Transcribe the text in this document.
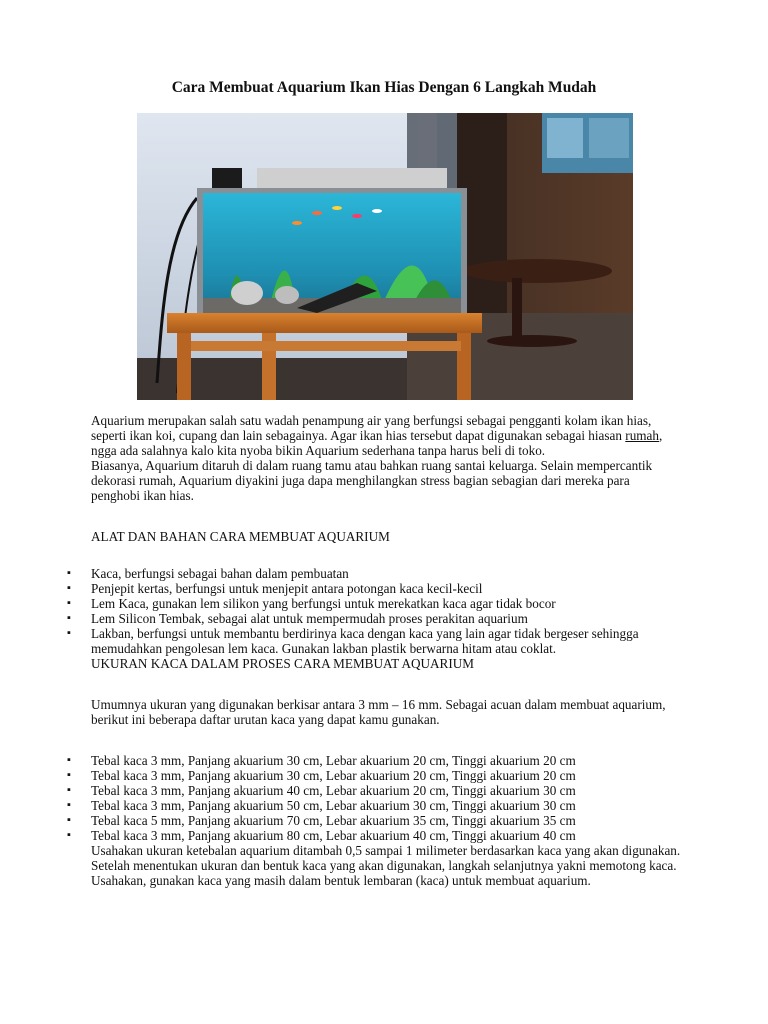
Cara Membuat Aquarium Ikan Hias Dengan 6 Langkah Mudah

Aquarium merupakan salah satu wadah penampung air yang berfungsi sebagai pengganti kolam ikan hias, seperti ikan koi, cupang dan lain sebagainya. Agar ikan hias tersebut dapat digunakan sebagai hiasan rumah, ngga ada salahnya kalo kita nyoba bikin Aquarium sederhana tanpa harus beli di toko.

Biasanya, Aquarium ditaruh di dalam ruang tamu atau bahkan ruang santai keluarga. Selain mempercantik dekorasi rumah, Aquarium diyakini juga dapa menghilangkan stress bagian sebagian dari mereka para penghobi ikan hias.

ALAT DAN BAHAN CARA MEMBUAT AQUARIUM

▪ Kaca, berfungsi sebagai bahan dalam pembuatan
▪ Penjepit kertas, berfungsi untuk menjepit antara potongan kaca kecil-kecil
▪ Lem Kaca, gunakan lem silikon yang berfungsi untuk merekatkan kaca agar tidak bocor
▪ Lem Silicon Tembak, sebagai alat untuk mempermudah proses perakitan aquarium
▪ Lakban, berfungsi untuk membantu berdirinya kaca dengan kaca yang lain agar tidak bergeser sehingga memudahkan pengolesan lem kaca. Gunakan lakban plastik berwarna hitam atau coklat.

UKURAN KACA DALAM PROSES CARA MEMBUAT AQUARIUM

Umumnya ukuran yang digunakan berkisar antara 3 mm – 16 mm. Sebagai acuan dalam membuat aquarium, berikut ini beberapa daftar urutan kaca yang dapat kamu gunakan.

▪ Tebal kaca 3 mm, Panjang akuarium 30 cm, Lebar akuarium 20 cm, Tinggi akuarium 20 cm
▪ Tebal kaca 3 mm, Panjang akuarium 30 cm, Lebar akuarium 20 cm, Tinggi akuarium 20 cm
▪ Tebal kaca 3 mm, Panjang akuarium 40 cm, Lebar akuarium 20 cm, Tinggi akuarium 30 cm
▪ Tebal kaca 3 mm, Panjang akuarium 50 cm, Lebar akuarium 30 cm, Tinggi akuarium 30 cm
▪ Tebal kaca 5 mm, Panjang akuarium 70 cm, Lebar akuarium 35 cm, Tinggi akuarium 35 cm
▪ Tebal kaca 3 mm, Panjang akuarium 80 cm, Lebar akuarium 40 cm, Tinggi akuarium 40 cm

Usahakan ukuran ketebalan aquarium ditambah 0,5 sampai 1 milimeter berdasarkan kaca yang akan digunakan. Setelah menentukan ukuran dan bentuk kaca yang akan digunakan, langkah selanjutnya yakni memotong kaca. Usahakan, gunakan kaca yang masih dalam bentuk lembaran (kaca) untuk membuat aquarium.
